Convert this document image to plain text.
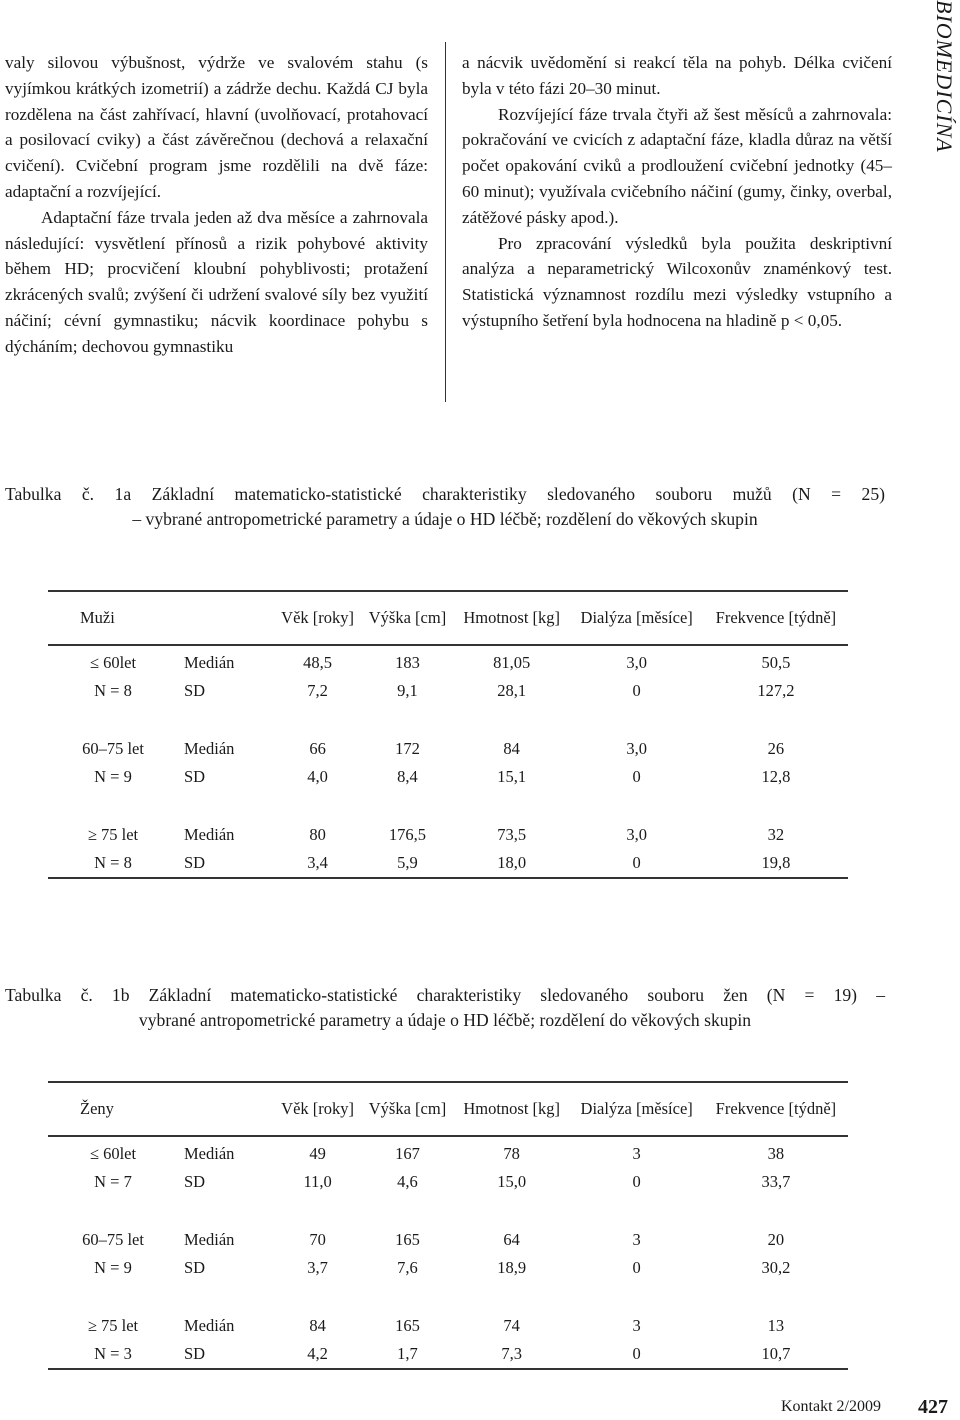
valy silovou výbušnost, výdrže ve svalovém stahu (s vyjímkou krátkých izometrií) a zádrže dechu. Každá CJ byla rozdělena na část zahřívací, hlavní (uvolňovací, protahovací a posilovací cviky) a část závěrečnou (dechová a relaxační cvičení). Cvičební program jsme rozdělili na dvě fáze: adaptační a rozvíjející.

Adaptační fáze trvala jeden až dva měsíce a zahrnovala následující: vysvětlení přínosů a rizik pohybové aktivity během HD; procvičení kloubní pohyblivosti; protažení zkrácených svalů; zvýšení či udržení svalové síly bez využití náčiní; cévní gymnastiku; nácvik koordinace pohybu s dýcháním; dechovou gymnastiku

a nácvik uvědomění si reakcí těla na pohyb. Délka cvičení byla v této fázi 20–30 minut.

Rozvíjející fáze trvala čtyři až šest měsíců a zahrnovala: pokračování ve cvicích z adaptační fáze, kladla důraz na větší počet opakování cviků a prodloužení cvičební jednotky (45–60 minut); využívala cvičebního náčiní (gumy, činky, overbal, zátěžové pásky apod.).

Pro zpracování výsledků byla použita deskriptivní analýza a neparametrický Wilcoxonův znaménkový test. Statistická významnost rozdílu mezi výsledky vstupního a výstupního šetření byla hodnocena na hladině p < 0,05.

BIOMEDICÍNA
Tabulka č. 1a Základní matematicko-statistické charakteristiky sledovaného souboru mužů (N = 25)
– vybrané antropometrické parametry a údaje o HD léčbě; rozdělení do věkových skupin
Muži		Věk [roky]	Výška [cm]	Hmotnost [kg]	Dialýza [měsíce]	Frekvence [týdně]

≤ 60let	Medián	48,5	183	81,05	3,0	50,5
N = 8	SD	7,2	9,1	28,1	0	127,2

60–75 let	Medián	66	172	84	3,0	26
N = 9	SD	4,0	8,4	15,1	0	12,8

≥ 75 let	Medián	80	176,5	73,5	3,0	32
N = 8	SD	3,4	5,9	18,0	0	19,8
Tabulka č. 1b Základní matematicko-statistické charakteristiky sledovaného souboru žen (N = 19) –
vybrané antropometrické parametry a údaje o HD léčbě; rozdělení do věkových skupin
Ženy		Věk [roky]	Výška [cm]	Hmotnost [kg]	Dialýza [měsíce]	Frekvence [týdně]

≤ 60let	Medián	49	167	78	3	38
N = 7	SD	11,0	4,6	15,0	0	33,7

60–75 let	Medián	70	165	64	3	20
N = 9	SD	3,7	7,6	18,9	0	30,2

≥ 75 let	Medián	84	165	74	3	13
N = 3	SD	4,2	1,7	7,3	0	10,7
Kontakt 2/2009 427
